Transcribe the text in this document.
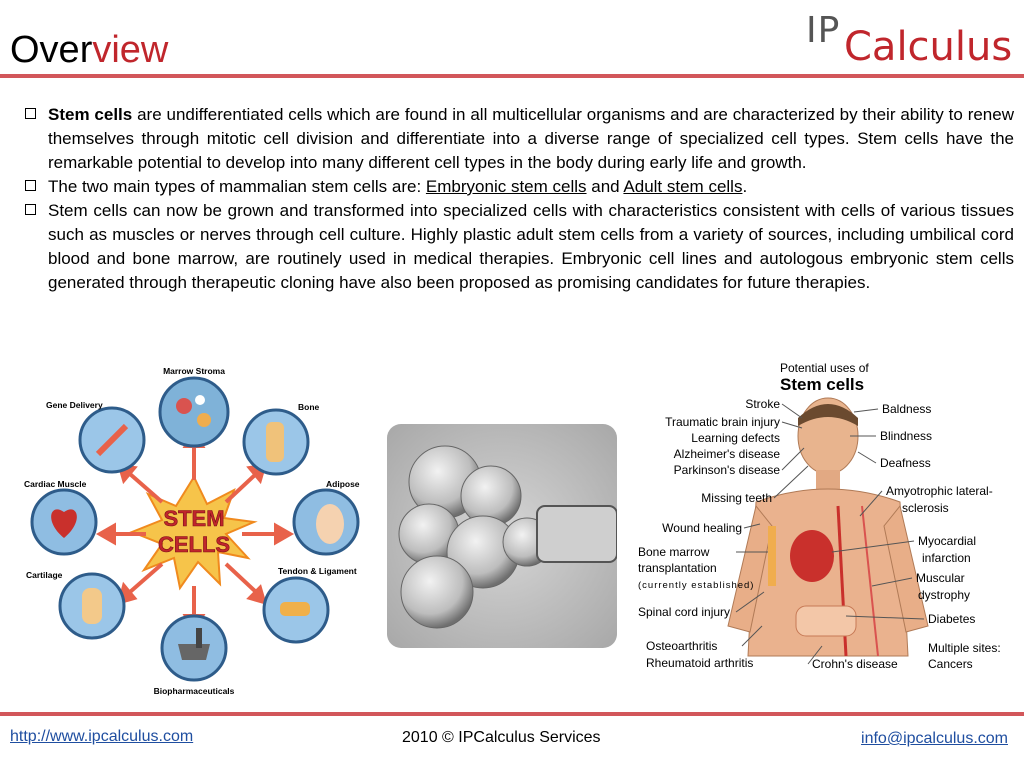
Overview	IP Calculus
Stem cells are undifferentiated cells which are found in all multicellular organisms and are characterized by their ability to renew themselves through mitotic cell division and differentiate into a diverse range of specialized cell types. Stem cells have the remarkable potential to develop into many different cell types in the body during early life and growth.
The two main types of mammalian stem cells are: Embryonic stem cells and Adult stem cells.
Stem cells can now be grown and transformed into specialized cells with characteristics consistent with cells of various tissues such as muscles or nerves through cell culture. Highly plastic adult stem cells from a variety of sources, including umbilical cord blood and bone marrow, are routinely used in medical therapies. Embryonic cell lines and autologous embryonic stem cells generated through therapeutic cloning have also been proposed as promising candidates for future therapies.
STEM
CELLS
Marrow Stroma
Gene Delivery	Bone
Cardiac Muscle	Adipose
Cartilage	Tendon & Ligament
Biopharmaceuticals
Potential uses of
Stem cells
Stroke
Traumatic brain injury
Learning defects
Alzheimer's disease
Parkinson's disease
Missing teeth
Wound healing
Bone marrow
transplantation
(currently established)
Spinal cord injury
Osteoarthritis
Rheumatoid arthritis
Baldness
Blindness
Deafness
Amyotrophic lateral-
sclerosis
Myocardial
infarction
Muscular
dystrophy
Diabetes
Multiple sites:
Cancers
Crohn's disease
http://www.ipcalculus.com	2010 © IPCalculus Services	info@ipcalculus.com
